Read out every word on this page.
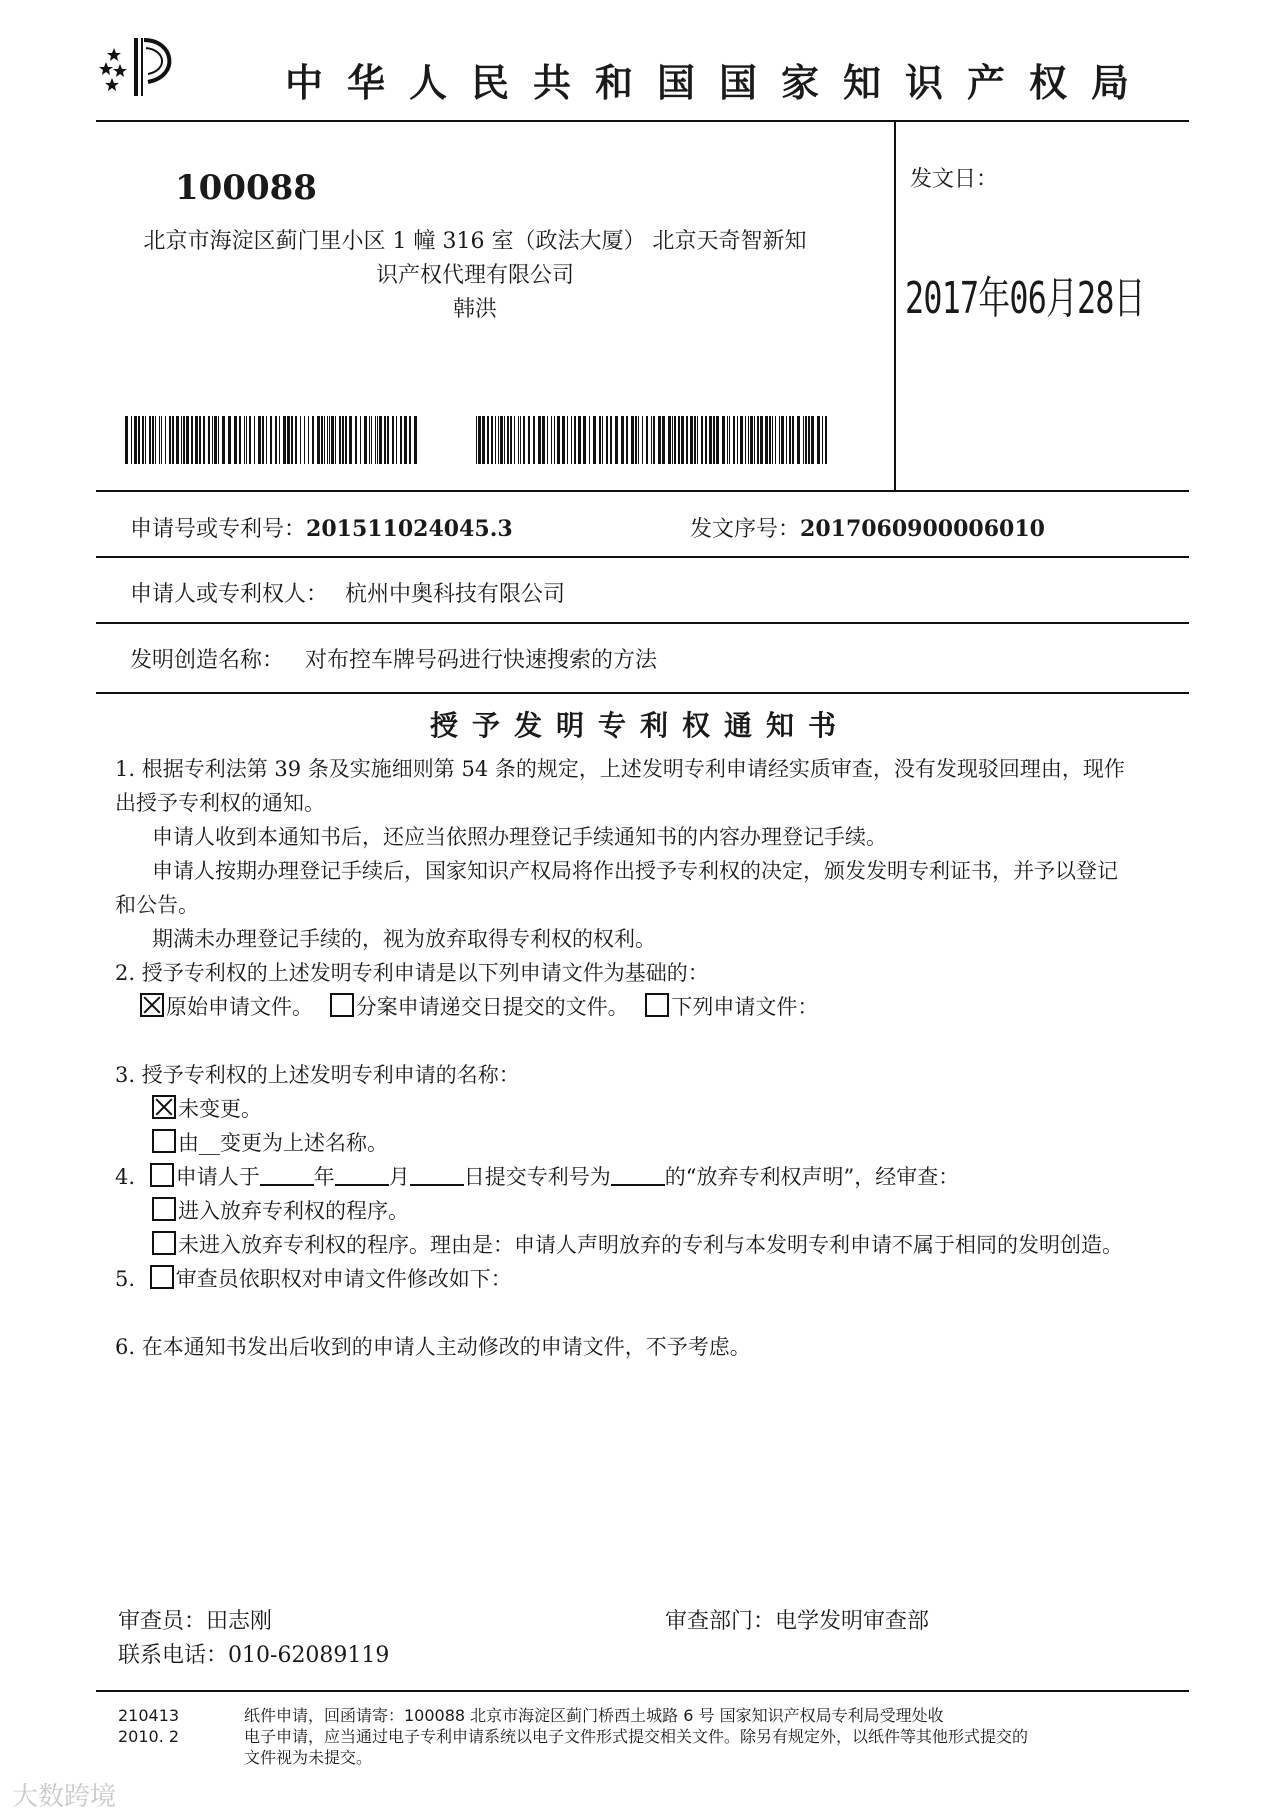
中华人民共和国国家知识产权局
100088
北京市海淀区蓟门里小区 1 幢 316 室（政法大厦） 北京天奇智新知
识产权代理有限公司
韩洪
发文日：
2017年06月28日
申请号或专利号：201511024045.3	发文序号：2017060900006010
申请人或专利权人： 杭州中奥科技有限公司
发明创造名称： 对布控车牌号码进行快速搜索的方法
授予发明专利权通知书
1. 根据专利法第 39 条及实施细则第 54 条的规定，上述发明专利申请经实质审查，没有发现驳回理由，现作
出授予专利权的通知。
申请人收到本通知书后，还应当依照办理登记手续通知书的内容办理登记手续。
申请人按期办理登记手续后，国家知识产权局将作出授予专利权的决定，颁发发明专利证书，并予以登记
和公告。
期满未办理登记手续的，视为放弃取得专利权的权利。
2. 授予专利权的上述发明专利申请是以下列申请文件为基础的：
原始申请文件。 分案申请递交日提交的文件。 下列申请文件：
3. 授予专利权的上述发明专利申请的名称：
未变更。
由__变更为上述名称。
4. 申请人于	年	月	日提交专利号为	的“放弃专利权声明”，经审查：
进入放弃专利权的程序。
未进入放弃专利权的程序。理由是：申请人声明放弃的专利与本发明专利申请不属于相同的发明创造。
5. 审查员依职权对申请文件修改如下：
6. 在本通知书发出后收到的申请人主动修改的申请文件，不予考虑。
审查员：田志刚	审查部门：电学发明审查部
联系电话：010-62089119
210413
2010. 2
纸件申请，回函请寄：100088 北京市海淀区蓟门桥西土城路 6 号 国家知识产权局专利局受理处收
电子申请，应当通过电子专利申请系统以电子文件形式提交相关文件。除另有规定外，以纸件等其他形式提交的
文件视为未提交。
大数跨境
